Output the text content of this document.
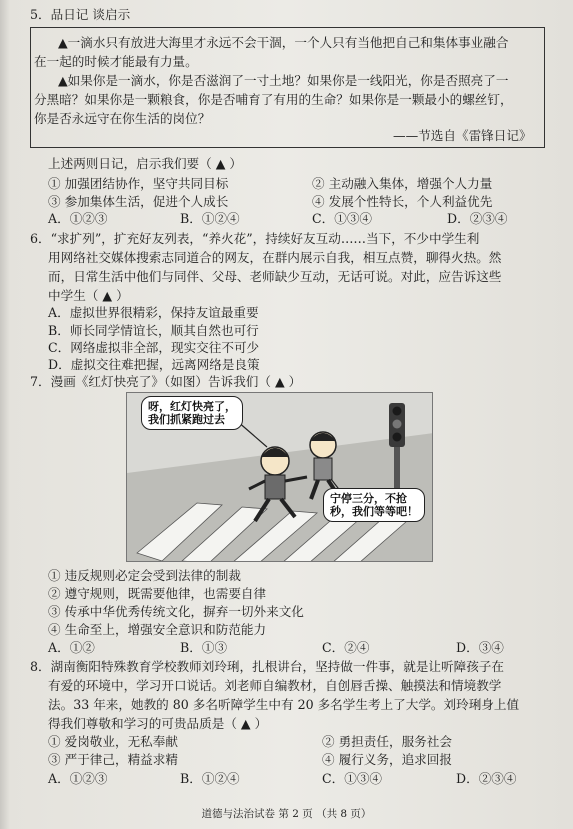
5．品日记 谈启示
▲一滴水只有放进大海里才永远不会干涸，一个人只有当他把自己和集体事业融合
在一起的时候才能最有力量。
▲如果你是一滴水，你是否滋润了一寸土地？如果你是一线阳光，你是否照亮了一
分黑暗？如果你是一颗粮食，你是否哺育了有用的生命？如果你是一颗最小的螺丝钉，
你是否永远守在你生活的岗位？
——节选自《雷锋日记》
上述两则日记，启示我们要（ ▲ ）
① 加强团结协作，坚守共同目标	② 主动融入集体，增强个人力量
③ 参加集体生活，促进个人成长	④ 发展个性特长，个人利益优先
A．①②③	B．①②④	C．①③④	D．②③④
6．“求扩列”，扩充好友列表，“养火花”，持续好友互动……当下，不少中学生利
用网络社交媒体搜索志同道合的网友，在群内展示自我，相互点赞，聊得火热。然
而，日常生活中他们与同伴、父母、老师缺少互动，无话可说。对此，应告诉这些
中学生（ ▲ ）
A．虚拟世界很精彩，保持友谊最重要
B．师长同学情谊长，顺其自然也可行
C．网络虚拟非全部，现实交往不可少
D．虚拟交往难把握，远离网络是良策
7．漫画《红灯快亮了》（如图）告诉我们（ ▲ ）
呀，红灯快亮了，
我们抓紧跑过去
宁停三分，不抢
秒，我们等等吧！
① 违反规则必定会受到法律的制裁
② 遵守规则，既需要他律，也需要自律
③ 传承中华优秀传统文化，摒弃一切外来文化
④ 生命至上，增强安全意识和防范能力
A．①②	B．①③	C．②④	D．③④
8．湖南衡阳特殊教育学校教师刘玲琍，扎根讲台，坚持做一件事，就是让听障孩子在
有爱的环境中，学习开口说话。刘老师自编教材，自创唇舌操、触摸法和情境教学
法。33 年来，她教的 80 多名听障学生中有 20 多名学生考上了大学。刘玲琍身上值
得我们尊敬和学习的可贵品质是（ ▲ ）
① 爱岗敬业，无私奉献	② 勇担责任，服务社会
③ 严于律己，精益求精	④ 履行义务，追求回报
A．①②③	B．①②④	C．①③④	D．②③④
道德与法治试卷 第 2 页 （共 8 页）
